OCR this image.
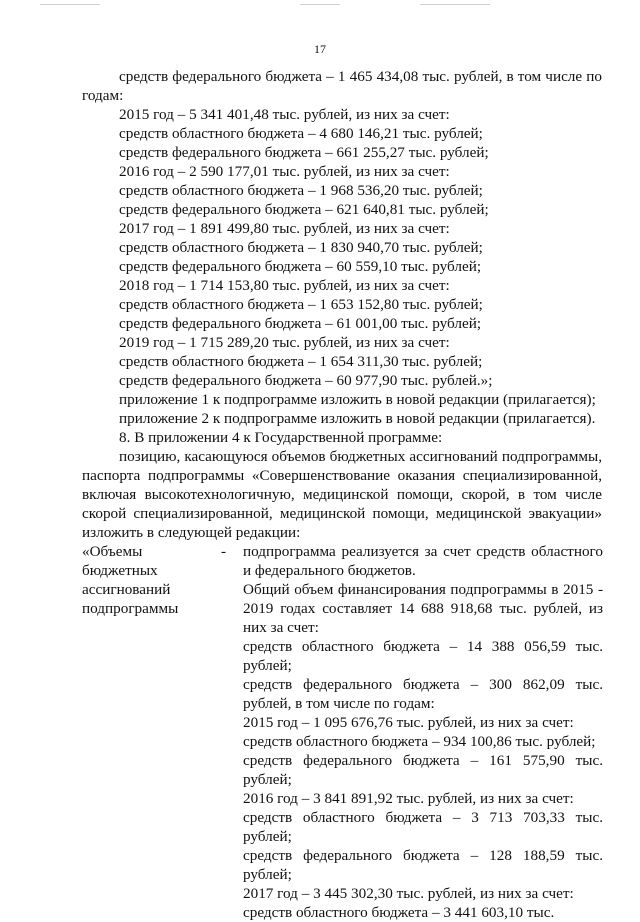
17

средств федерального бюджета – 1 465 434,08 тыс. рублей, в том числе по годам:

2015 год – 5 341 401,48 тыс. рублей, из них за счет:

средств областного бюджета – 4 680 146,21 тыс. рублей;

средств федерального бюджета – 661 255,27 тыс. рублей;

2016 год – 2 590 177,01 тыс. рублей, из них за счет:

средств областного бюджета – 1 968 536,20 тыс. рублей;

средств федерального бюджета – 621 640,81 тыс. рублей;

2017 год – 1 891 499,80 тыс. рублей, из них за счет:

средств областного бюджета – 1 830 940,70 тыс. рублей;

средств федерального бюджета – 60 559,10 тыс. рублей;

2018 год – 1 714 153,80 тыс. рублей, из них за счет:

средств областного бюджета – 1 653 152,80 тыс. рублей;

средств федерального бюджета – 61 001,00 тыс. рублей;

2019 год – 1 715 289,20 тыс. рублей, из них за счет:

средств областного бюджета – 1 654 311,30 тыс. рублей;

средств федерального бюджета – 60 977,90 тыс. рублей.»;

приложение 1 к подпрограмме изложить в новой редакции (прилагается);

приложение 2 к подпрограмме изложить в новой редакции (прилагается).

8. В приложении 4 к Государственной программе:

позицию, касающуюся объемов бюджетных ассигнований подпрограммы, паспорта подпрограммы «Совершенствование оказания специализированной, включая высокотехнологичную, медицинской помощи, скорой, в том числе скорой специализированной, медицинской помощи, медицинской эвакуации» изложить в следующей редакции:

«Объемы

бюджетных

ассигнований

подпрограммы

- подпрограмма реализуется за счет средств областного и федерального бюджетов.

Общий объем финансирования подпрограммы в 2015 - 2019 годах составляет 14 688 918,68 тыс. рублей, из них за счет:

средств областного бюджета – 14 388 056,59 тыс. рублей;

средств федерального бюджета – 300 862,09 тыс. рублей, в том числе по годам:

2015 год – 1 095 676,76 тыс. рублей, из них за счет:

средств областного бюджета – 934 100,86 тыс. рублей;

средств федерального бюджета – 161 575,90 тыс. рублей;

2016 год – 3 841 891,92 тыс. рублей, из них за счет:

средств областного бюджета – 3 713 703,33 тыс. рублей;

средств федерального бюджета – 128 188,59 тыс. рублей;

2017 год – 3 445 302,30 тыс. рублей, из них за счет:

средств областного бюджета – 3 441 603,10 тыс.
